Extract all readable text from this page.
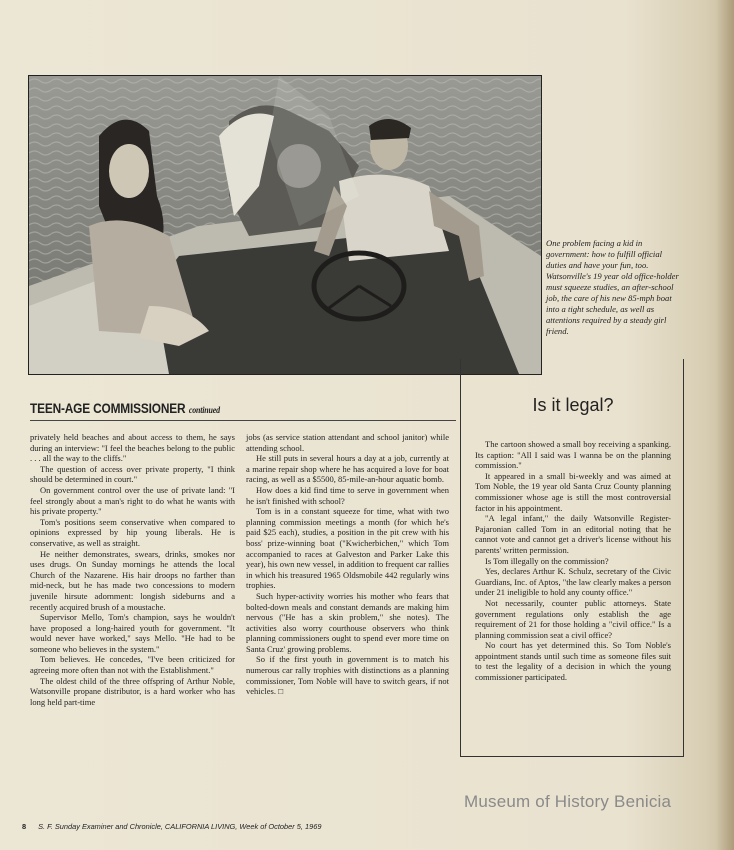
One problem facing a kid in government: how to fulfill official duties and have your fun, too. Watsonville's 19 year old office-holder must squeeze studies, an after-school job, the care of his new 85-mph boat into a tight schedule, as well as attentions required by a steady girl friend.
TEEN-AGE COMMISSIONER continued

privately held beaches and about access to them, he says during an interview: "I feel the beaches belong to the public . . . all the way to the cliffs."

The question of access over private property, "I think should be determined in court."

On government control over the use of private land: "I feel strongly about a man's right to do what he wants with his private property."

Tom's positions seem conservative when compared to opinions expressed by hip young liberals. He is conservative, as well as straight.

He neither demonstrates, swears, drinks, smokes nor uses drugs. On Sunday mornings he attends the local Church of the Nazarene. His hair droops no farther than mid-neck, but he has made two concessions to modern juvenile hirsute adornment: longish sideburns and a recently acquired brush of a moustache.

Supervisor Mello, Tom's champion, says he wouldn't have proposed a long-haired youth for government. "It would never have worked," says Mello. "He had to be someone who believes in the system."

Tom believes. He concedes, "I've been criticized for agreeing more often than not with the Establishment."

The oldest child of the three offspring of Arthur Noble, Watsonville propane distributor, is a hard worker who has long held part-time

jobs (as service station attendant and school janitor) while attending school.

He still puts in several hours a day at a job, currently at a marine repair shop where he has acquired a love for boat racing, as well as a $5500, 85-mile-an-hour aquatic bomb.

How does a kid find time to serve in government when he isn't finished with school?

Tom is in a constant squeeze for time, what with two planning commission meetings a month (for which he's paid $25 each), studies, a position in the pit crew with his boss' prize-winning boat ("Kwicherbichen," which Tom accompanied to races at Galveston and Parker Lake this year), his own new vessel, in addition to frequent car rallies in which his treasured 1965 Oldsmobile 442 regularly wins trophies.

Such hyper-activity worries his mother who fears that bolted-down meals and constant demands are making him nervous ("He has a skin problem," she notes). The activities also worry courthouse observers who think planning commissioners ought to spend ever more time on Santa Cruz' growing problems.

So if the first youth in government is to match his numerous car rally trophies with distinctions as a planning commissioner, Tom Noble will have to switch gears, if not vehicles. □

Is it legal?

The cartoon showed a small boy receiving a spanking. Its caption: "All I said was I wanna be on the planning commission."

It appeared in a small bi-weekly and was aimed at Tom Noble, the 19 year old Santa Cruz County planning commissioner whose age is still the most controversial factor in his appointment.

"A legal infant," the daily Watsonville Register-Pajaronian called Tom in an editorial noting that he cannot vote and cannot get a driver's license without his parents' written permission.

Is Tom illegally on the commission?

Yes, declares Arthur K. Schulz, secretary of the Civic Guardians, Inc. of Aptos, "the law clearly makes a person under 21 ineligible to hold any county office."

Not necessarily, counter public attorneys. State government regulations only establish the age requirement of 21 for those holding a "civil office." Is a planning commission seat a civil office?

No court has yet determined this. So Tom Noble's appointment stands until such time as someone files suit to test the legality of a decision in which the young commissioner participated.

Museum of History Benicia
8 S. F. Sunday Examiner and Chronicle, CALIFORNIA LIVING, Week of October 5, 1969
